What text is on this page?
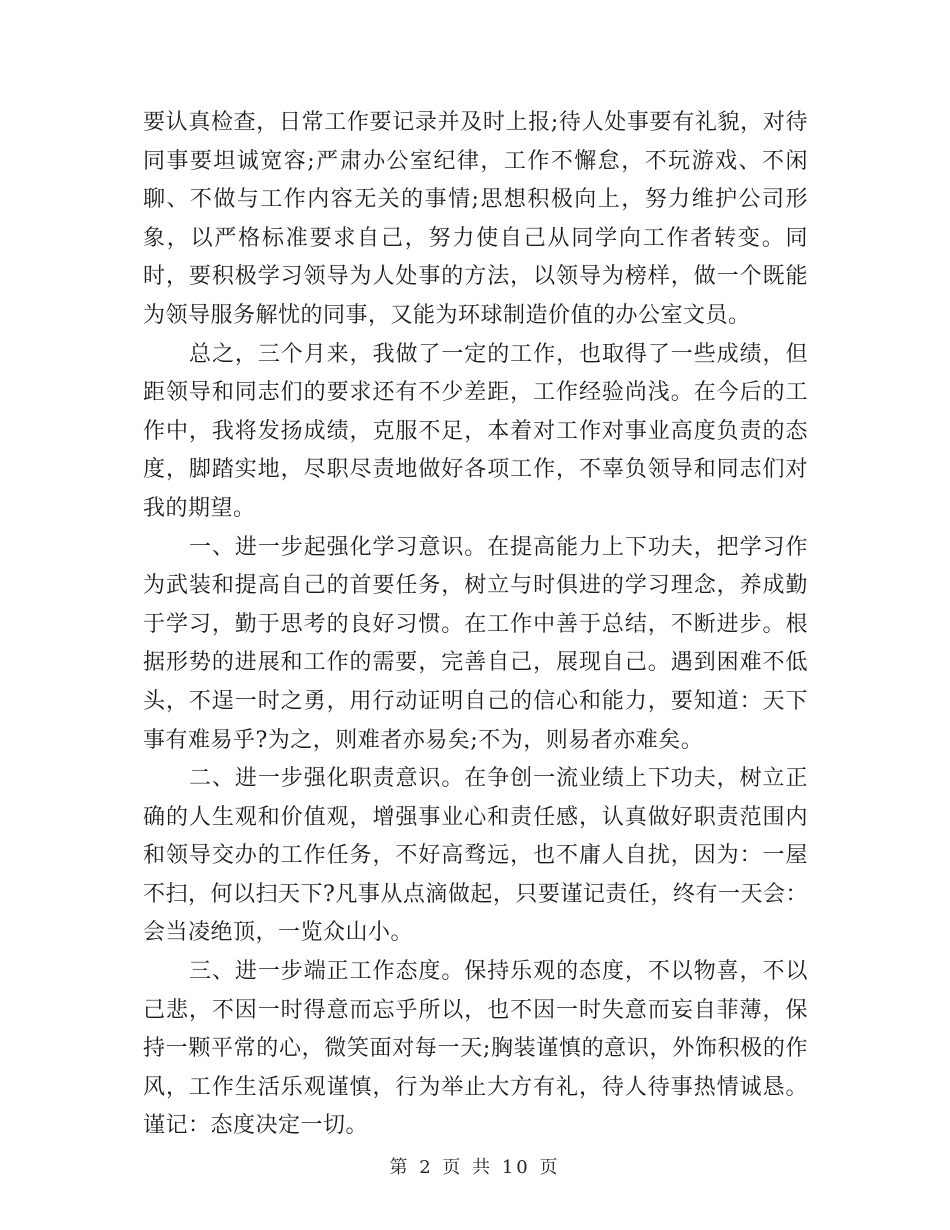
要认真检查，日常工作要记录并及时上报;待人处事要有礼貌，对待同事要坦诚宽容;严肃办公室纪律，工作不懈怠，不玩游戏、不闲聊、不做与工作内容无关的事情;思想积极向上，努力维护公司形象，以严格标准要求自己，努力使自己从同学向工作者转变。同时，要积极学习领导为人处事的方法，以领导为榜样，做一个既能为领导服务解忧的同事，又能为环球制造价值的办公室文员。

总之，三个月来，我做了一定的工作，也取得了一些成绩，但距领导和同志们的要求还有不少差距，工作经验尚浅。在今后的工作中，我将发扬成绩，克服不足，本着对工作对事业高度负责的态度，脚踏实地，尽职尽责地做好各项工作，不辜负领导和同志们对我的期望。

一、进一步起强化学习意识。在提高能力上下功夫，把学习作为武装和提高自己的首要任务，树立与时俱进的学习理念，养成勤于学习，勤于思考的良好习惯。在工作中善于总结，不断进步。根据形势的进展和工作的需要，完善自己，展现自己。遇到困难不低头，不逞一时之勇，用行动证明自己的信心和能力，要知道：天下事有难易乎?为之，则难者亦易矣;不为，则易者亦难矣。

二、进一步强化职责意识。在争创一流业绩上下功夫，树立正确的人生观和价值观，增强事业心和责任感，认真做好职责范围内和领导交办的工作任务，不好高骛远，也不庸人自扰，因为：一屋不扫，何以扫天下?凡事从点滴做起，只要谨记责任，终有一天会：会当凌绝顶，一览众山小。

三、进一步端正工作态度。保持乐观的态度，不以物喜，不以己悲，不因一时得意而忘乎所以，也不因一时失意而妄自菲薄，保持一颗平常的心，微笑面对每一天;胸装谨慎的意识，外饰积极的作风，工作生活乐观谨慎，行为举止大方有礼，待人待事热情诚恳。谨记：态度决定一切。

第 2 页 共 10 页
